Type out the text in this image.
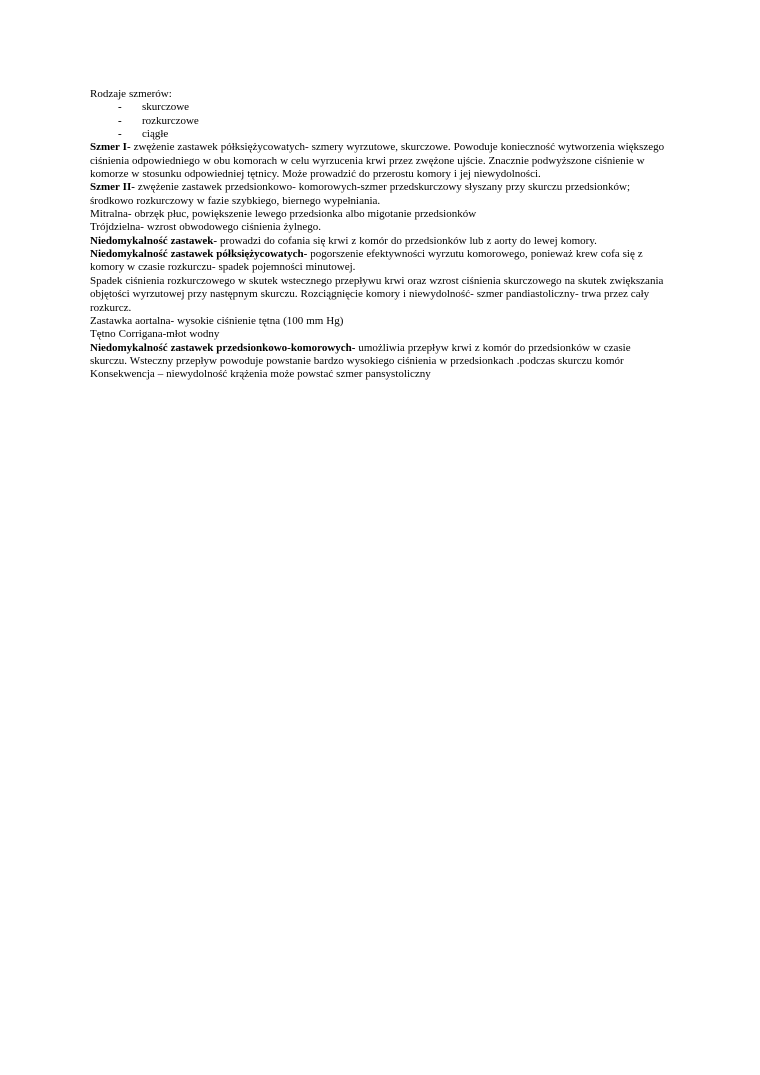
Rodzaje szmerów:
-	skurczowe
-	rozkurczowe
-	ciągłe
Szmer I- zwężenie zastawek półksiężycowatych- szmery wyrzutowe, skurczowe. Powoduje konieczność wytworzenia większego ciśnienia odpowiedniego w obu komorach w celu wyrzucenia krwi przez zwężone ujście. Znacznie podwyższone ciśnienie w komorze w stosunku odpowiedniej tętnicy. Może prowadzić do przerostu komory i jej niewydolności.
Szmer II- zwężenie zastawek przedsionkowo- komorowych-szmer przedskurczowy słyszany przy skurczu przedsionków; środkowo rozkurczowy w fazie szybkiego, biernego wypełniania.
Mitralna- obrzęk płuc, powiększenie lewego przedsionka albo migotanie przedsionków
Trójdzielna- wzrost obwodowego ciśnienia żylnego.
Niedomykalność zastawek- prowadzi do cofania się krwi z komór do przedsionków lub z aorty do lewej komory.
Niedomykalność zastawek półksiężycowatych- pogorszenie efektywności wyrzutu komorowego, ponieważ krew cofa się z komory w czasie rozkurczu- spadek pojemności minutowej.
Spadek ciśnienia rozkurczowego w skutek wstecznego przepływu krwi oraz wzrost ciśnienia skurczowego na skutek zwiększania objętości wyrzutowej przy następnym skurczu. Rozciągnięcie komory i niewydolność- szmer pandiastoliczny- trwa przez cały rozkurcz.
Zastawka aortalna- wysokie ciśnienie tętna (100 mm Hg)
Tętno Corrigana-młot wodny
Niedomykalność zastawek przedsionkowo-komorowych- umożliwia przepływ krwi z komór do przedsionków w czasie skurczu. Wsteczny przepływ powoduje powstanie bardzo wysokiego ciśnienia w przedsionkach .podczas skurczu komór
Konsekwencja – niewydolność krążenia może powstać szmer pansystoliczny
